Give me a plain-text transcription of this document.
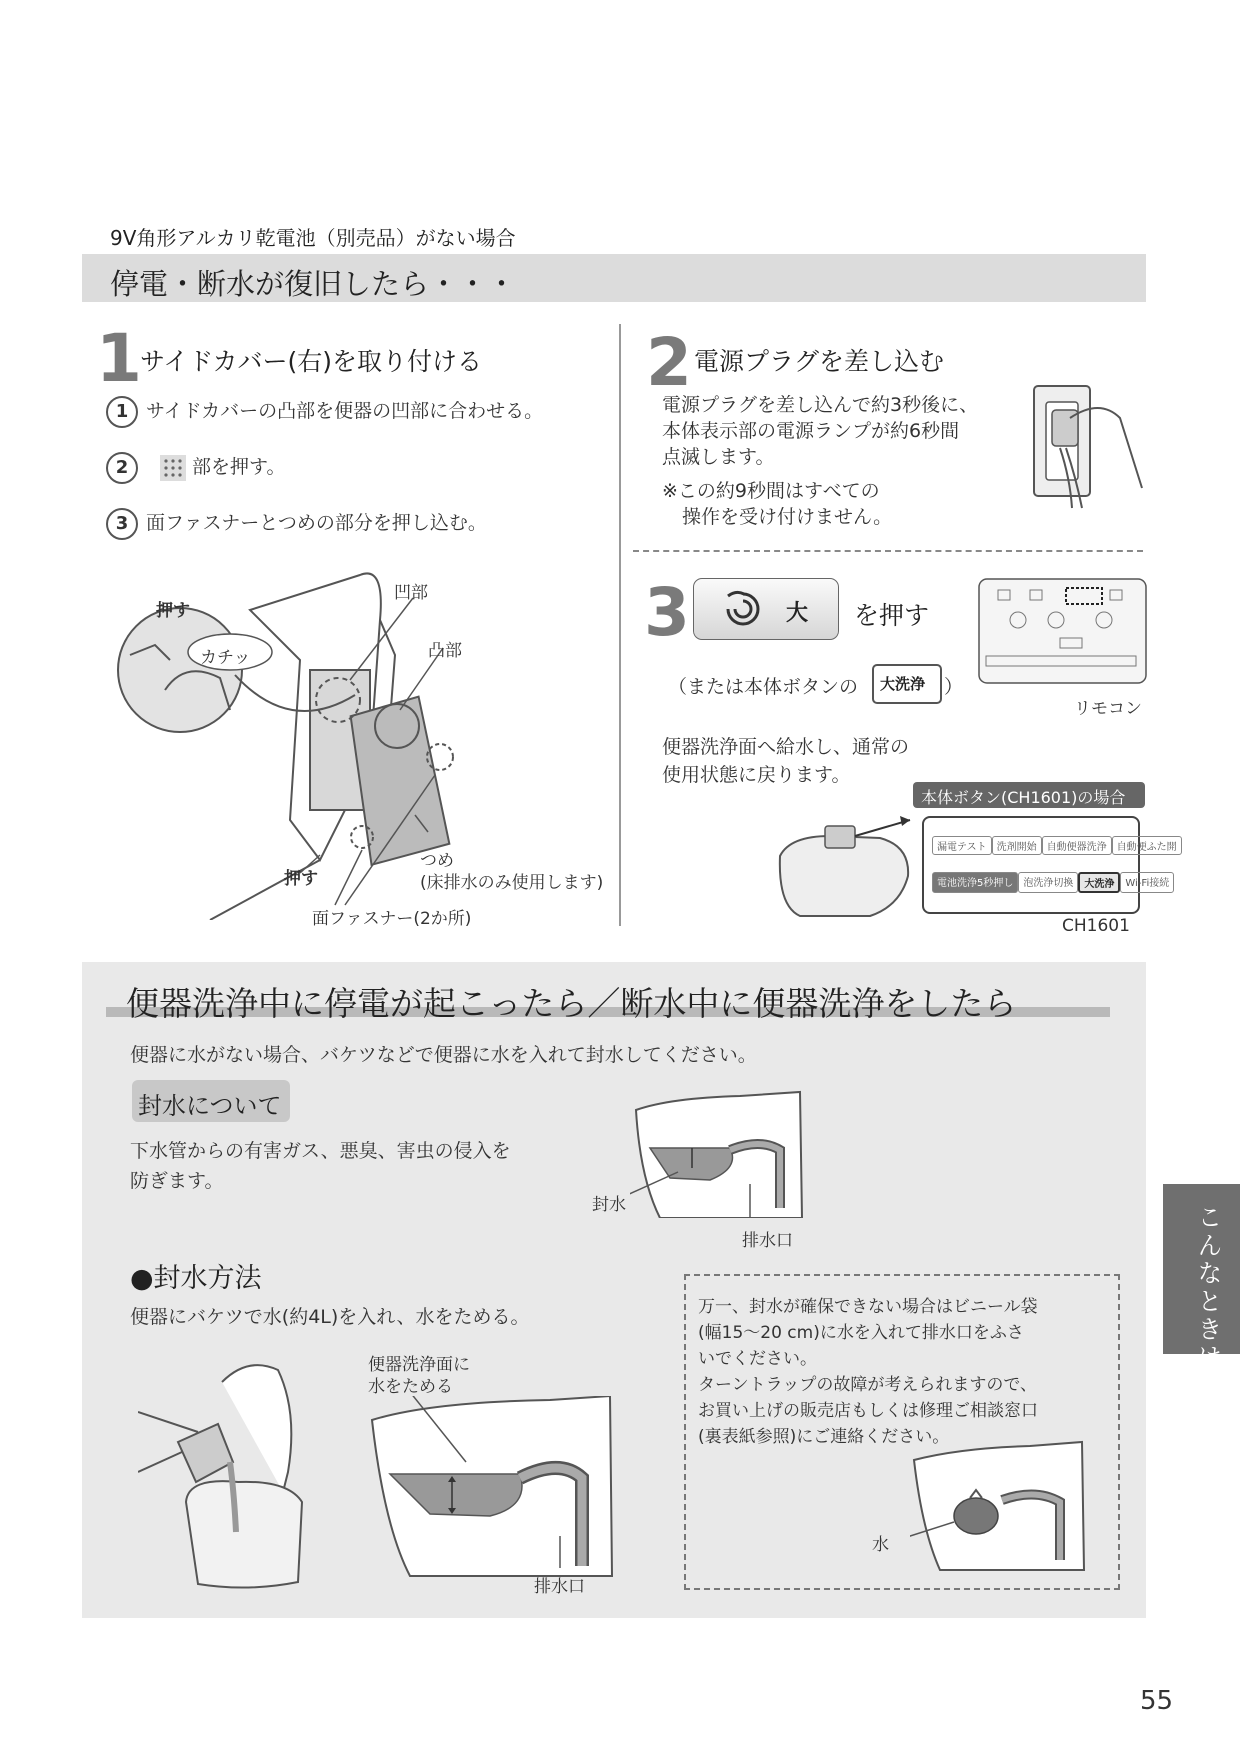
9V角形アルカリ乾電池（別売品）がない場合
停電・断水が復旧したら・・・
1
サイドカバー(右)を取り付ける
1 サイドカバーの凸部を便器の凹部に合わせる。
2	部を押す。
3 面ファスナーとつめの部分を押し込む。
押す
カチッ
凹部
凸部
つめ
(床排水のみ使用します)
押す
面ファスナー(2か所)
2 電源プラグを差し込む
電源プラグを差し込んで約3秒後に、
本体表示部の電源ランプが約6秒間
点滅します。
※この約9秒間はすべての
操作を受け付けません。
3	大 を押す
（または本体ボタンの 大洗浄 ）
リモコン
便器洗浄面へ給水し、通常の
使用状態に戻ります。
本体ボタン(CH1601)の場合
漏電テスト	洗剤開始	自動便器洗浄	自動便ふた開
電池洗浄5秒押し	泡洗浄切換	大洗浄	Wi-Fi接続
CH1601
便器洗浄中に停電が起こったら／断水中に便器洗浄をしたら
便器に水がない場合、バケツなどで便器に水を入れて封水してください。
封水について
下水管からの有害ガス、悪臭、害虫の侵入を
防ぎます。
封水
排水口
●封水方法
便器にバケツで水(約4L)を入れ、水をためる。
便器洗浄面に
水をためる
排水口
万一、封水が確保できない場合はビニール袋
(幅15〜20 cm)に水を入れて排水口をふさ
いでください。
ターントラップの故障が考えられますので、
お買い上げの販売店もしくは修理ご相談窓口
(裏表紙参照)にご連絡ください。
水
こんなときは
55
